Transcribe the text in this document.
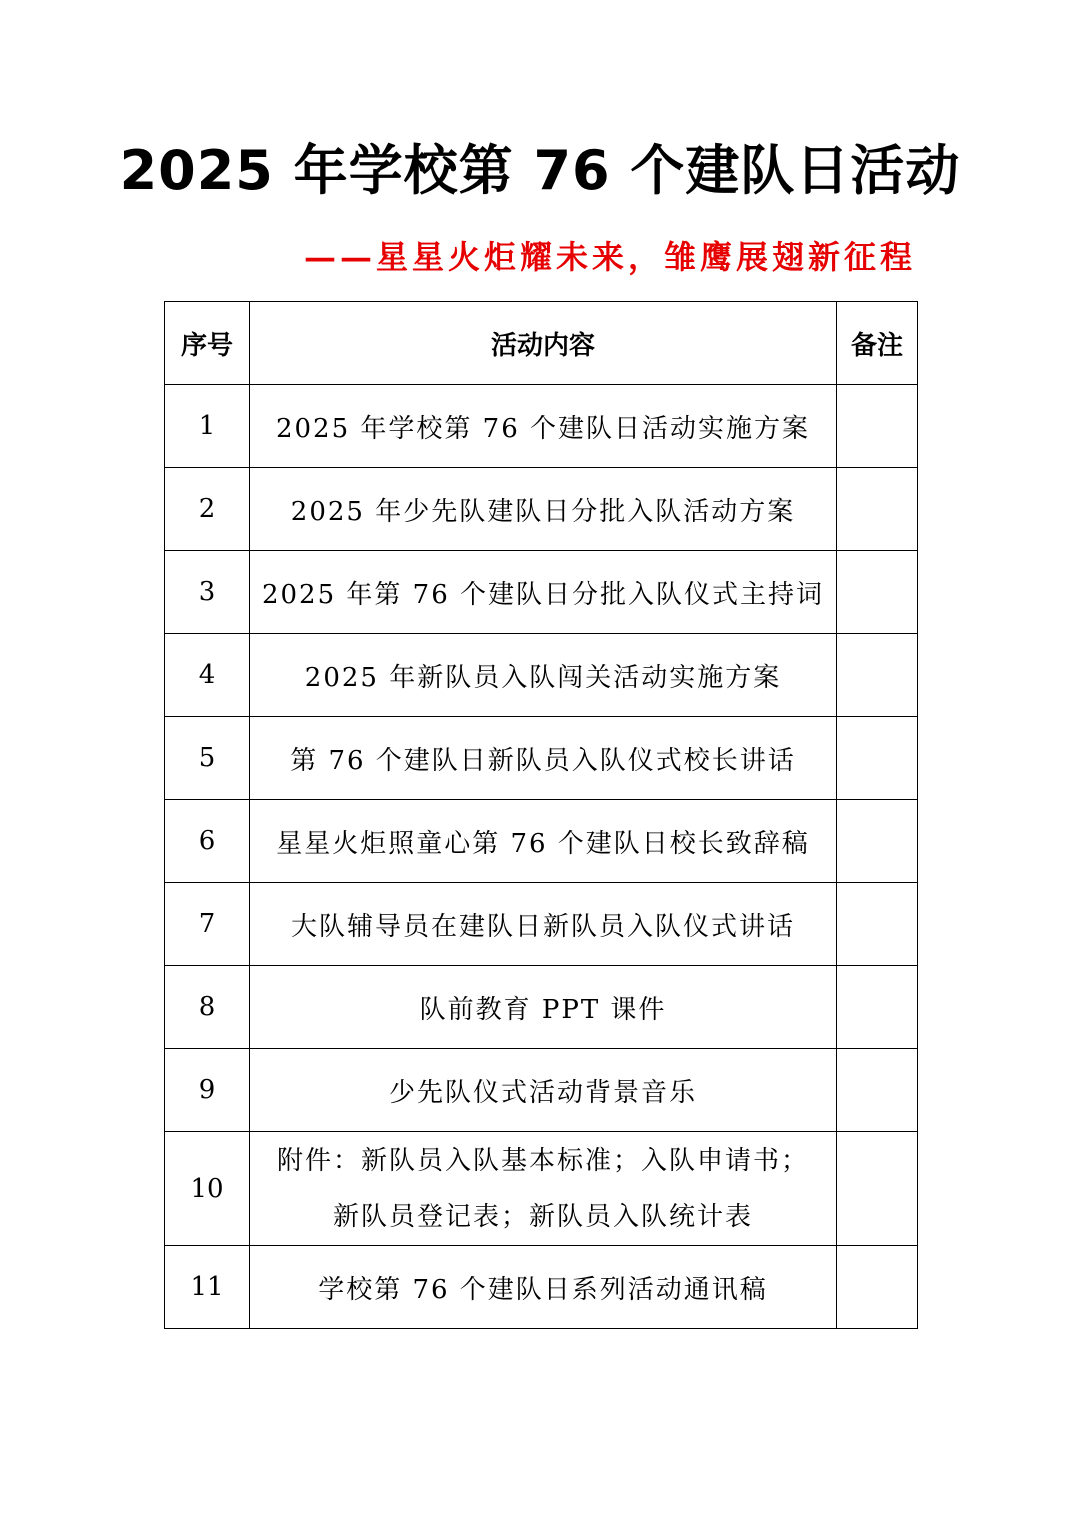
2025 年学校第 76 个建队日活动
——星星火炬耀未来，雏鹰展翅新征程
序号	活动内容	备注
1	2025 年学校第 76 个建队日活动实施方案	
2	2025 年少先队建队日分批入队活动方案	
3	2025 年第 76 个建队日分批入队仪式主持词	
4	2025 年新队员入队闯关活动实施方案	
5	第 76 个建队日新队员入队仪式校长讲话	
6	星星火炬照童心第 76 个建队日校长致辞稿	
7	大队辅导员在建队日新队员入队仪式讲话	
8	队前教育 PPT 课件	
9	少先队仪式活动背景音乐	
10	附件：新队员入队基本标准；入队申请书；
新队员登记表；新队员入队统计表	
11	学校第 76 个建队日系列活动通讯稿	
